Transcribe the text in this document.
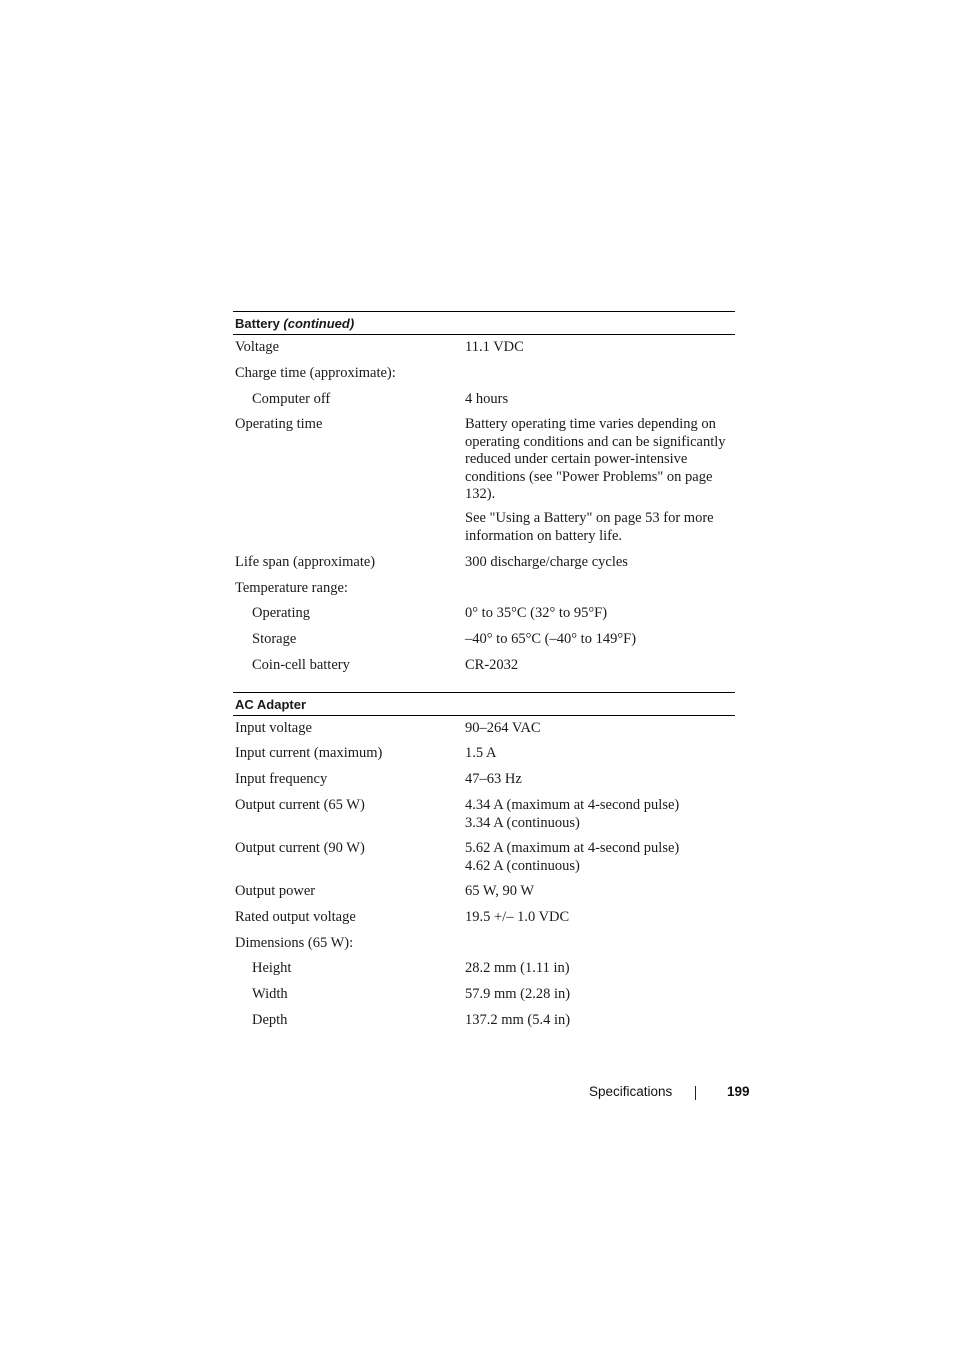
Battery (continued)
Voltage	11.1 VDC
Charge time (approximate):
Computer off	4 hours
Operating time	Battery operating time varies depending on operating conditions and can be significantly reduced under certain power-intensive conditions (see "Power Problems" on page 132).

See "Using a Battery" on page 53 for more information on battery life.

Life span (approximate)	300 discharge/charge cycles
Temperature range:
Operating	0° to 35°C (32° to 95°F)
Storage	–40° to 65°C (–40° to 149°F)
Coin-cell battery	CR-2032
AC Adapter
Input voltage	90–264 VAC
Input current (maximum)	1.5 A
Input frequency	47–63 Hz
Output current (65 W)	4.34 A (maximum at 4-second pulse)
3.34 A (continuous)
Output current (90 W)	5.62 A (maximum at 4-second pulse)
4.62 A (continuous)
Output power	65 W, 90 W
Rated output voltage	19.5 +/– 1.0 VDC
Dimensions (65 W):
Height	28.2 mm (1.11 in)
Width	57.9 mm (2.28 in)
Depth	137.2 mm (5.4 in)
Specifications	199
